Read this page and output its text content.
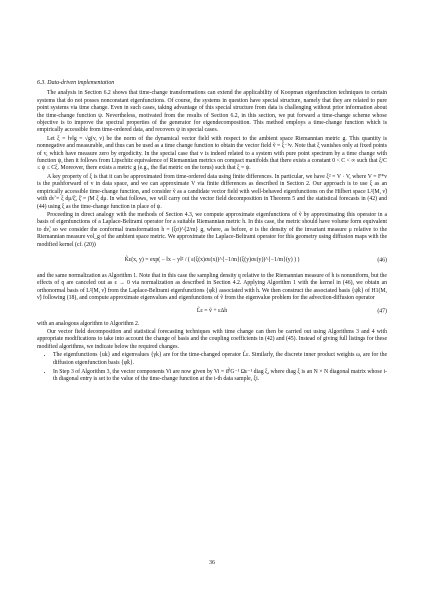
6.3. Data-driven implementation

The analysis in Section 6.2 shows that time-change transformations can extend the applicability of Koopman eigenfunction techniques to certain systems that do not posses nonconstant eigenfunctions. Of course, the systems in question have special structure, namely that they are related to pure point systems via time change. Even in such cases, taking advantage of this special structure from data is challenging without prior information about the time-change function ψ. Nevertheless, motivated from the results of Section 6.2, in this section, we put forward a time-change scheme whose objective is to improve the spectral properties of the generator for eigendecomposition. This method employs a time-change function which is empirically accessible from time-ordered data, and recovers ψ in special cases.

Let ξ = ‖v‖g = √g(v, v) be the norm of the dynamical vector field with respect to the ambient space Riemannian metric g. This quantity is nonnegative and measurable, and thus can be used as a time change function to obtain the vector field ṽ = ξ⁻¹v. Note that ξ vanishes only at fixed points of v, which have measure zero by ergodicity. In the special case that v is indeed related to a system with pure point spectrum by a time change with function ψ, then it follows from Lipschitz equivalence of Riemannian metrics on compact manifolds that there exists a constant 0 < C < ∞ such that ξ/C ≤ ψ ≤ Cξ. Moreover, there exists a metric g (e.g., the flat metric on the torus) such that ξ = ψ.

A key property of ξ is that it can be approximated from time-ordered data using finite differences. In particular, we have ξ² = V · V, where V = F*v is the pushforward of v in data space, and we can approximate V via finite differences as described in Section 2. Our approach is to use ξ as an empirically accessible time-change function, and consider ṽ as a candidate vector field with well-behaved eigenfunctions on the Hilbert space L²(M, ν̃) with dν̃ = ξ dμ/ξ̄, ξ̄ = ∫M ξ dμ. In what follows, we will carry out the vector field decomposition in Theorem 5 and the statistical forecasts in (42) and (44) using ξ as the time-change function in place of ψ.

Proceeding in direct analogy with the methods of Section 4.3, we compute approximate eigenfunctions of ṽ by approximating this operator in a basis of eigenfunctions of a Laplace-Beltrami operator for a suitable Riemannian metric h. In this case, the metric should have volume form equivalent to dν̃, so we consider the conformal transformation h = (ξσ)^{2/m} g, where, as before, σ is the density of the invariant measure μ relative to the Riemannian measure vol_g of the ambient space metric. We approximate the Laplace-Beltrami operator for this geometry using diffusion maps with the modified kernel (cf. (20))

K̃ε(x, y) = exp( − ‖x − y‖² / ( ε(ξ(x)σε(x))^{−1/m}(ξ(y)σε(y))^{−1/m}(y) ) )	(46)

and the same normalization as Algorithm 1. Note that in this case the sampling density q relative to the Riemannian measure of h is nonuniform, but the effects of q are canceled out as ε → 0 via normalization as described in Section 4.2. Applying Algorithm 1 with the kernel in (46), we obtain an orthonormal basis of L²(M, ν̃) from the Laplace-Beltrami eigenfunctions {φ̃k} associated with h. We then construct the associated basis {ψ̃k} of H1(M, ν̃) following (18), and compute approximate eigenvalues and eigenfunctions of ṽ from the eigenvalue problem for the advection-diffusion operator

L̃ε = ṽ + εΔh	(47)

with an analogous algorithm to Algorithm 2.

Our vector field decomposition and statistical forecasting techniques with time change can then be carried out using Algorithms 3 and 4 with appropriate modifications to take into account the change of basis and the coupling coefficients in (42) and (45). Instead of giving full listings for these modified algorithms, we indicate below the required changes.

• The eigenfunctions {uk} and eigenvalues {γk} are for the time-changed operator L̃ε. Similarly, the discrete inner product weights ω, are for the diffusion eigenfunction basis {φ̃k}.
• In Step 3 of Algorithm 3, the vector components Vi are now given by Vi = iF̃G⁻¹ Ωε⁻¹ diag ξ, where diag ξ is an N × N diagonal matrix whose i-th diagonal entry is set to the value of the time-change function at the i-th data sample, ξi.
36
